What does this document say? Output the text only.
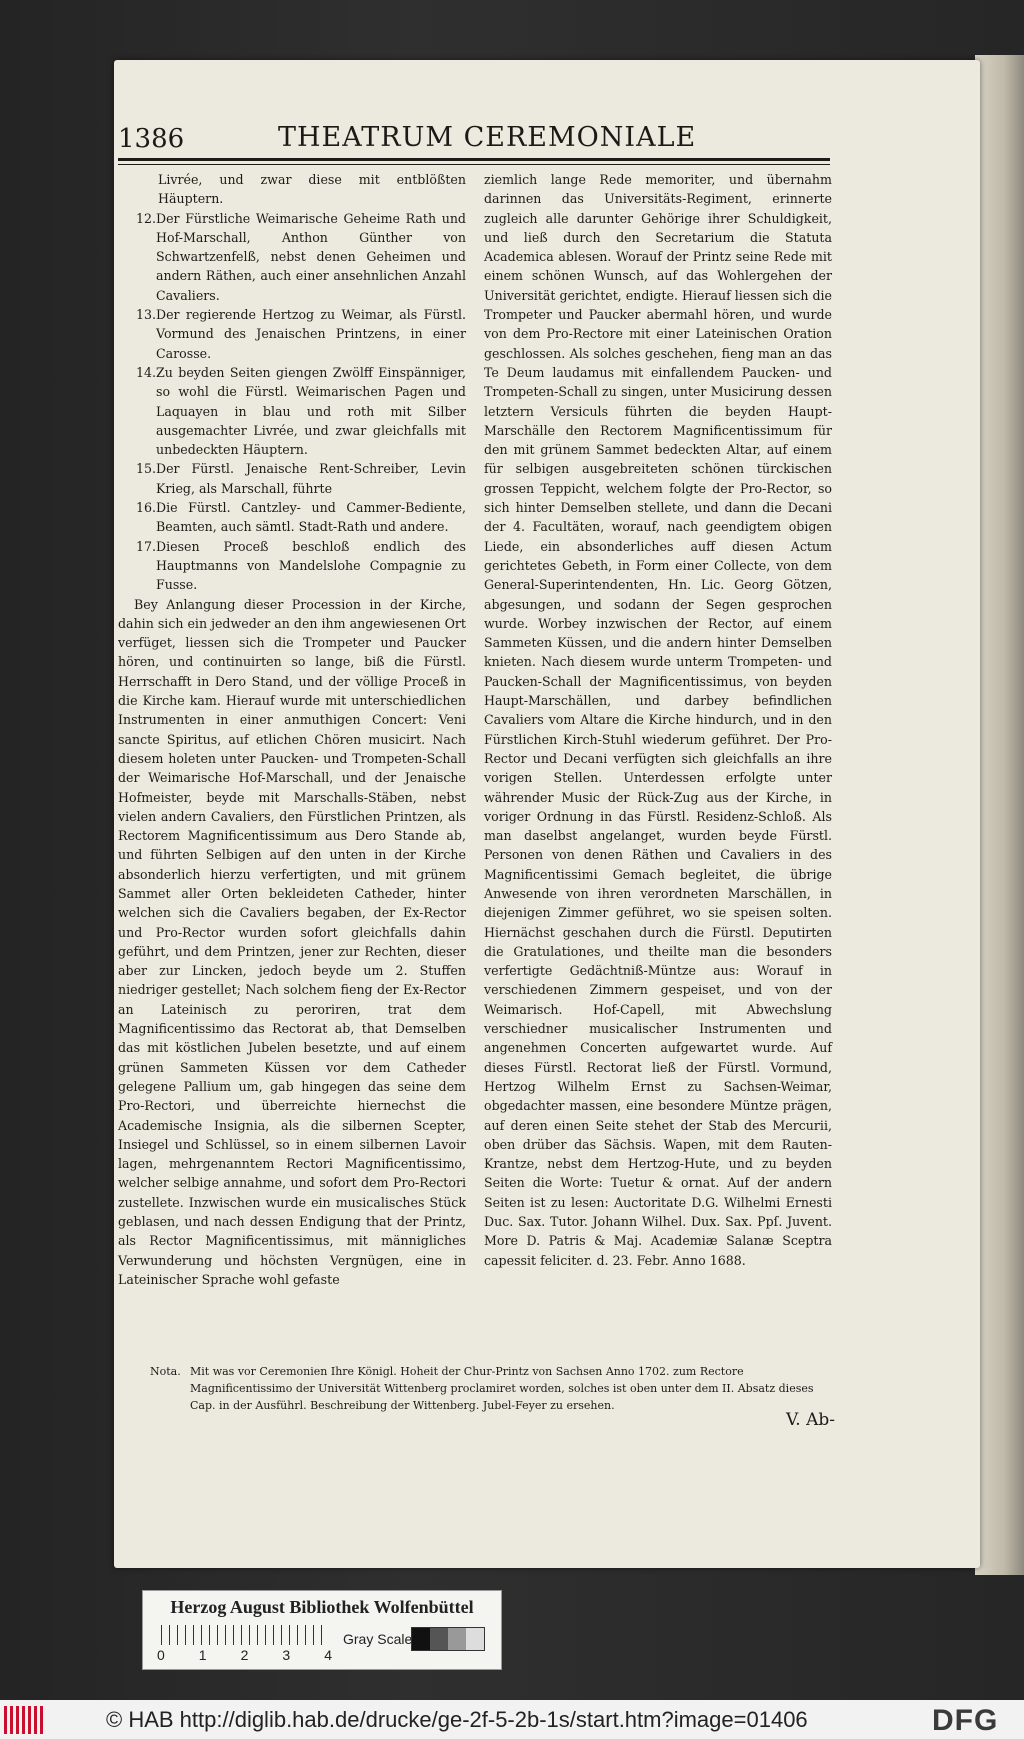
1386	THEATRUM CEREMONIALE
Livrée, und zwar diese mit entblößten Häuptern.
12. Der Fürstliche Weimarische Geheime Rath und Hof-Marschall, Anthon Günther von Schwartzenfelß, nebst denen Geheimen und andern Räthen, auch einer ansehnlichen Anzahl Cavaliers.
13. Der regierende Hertzog zu Weimar, als Fürstl. Vormund des Jenaischen Printzens, in einer Carosse.
14. Zu beyden Seiten giengen Zwölff Einspänniger, so wohl die Fürstl. Weimarischen Pagen und Laquayen in blau und roth mit Silber ausgemachter Livrée, und zwar gleichfalls mit unbedeckten Häuptern.
15. Der Fürstl. Jenaische Rent-Schreiber, Levin Krieg, als Marschall, führte
16. Die Fürstl. Cantzley- und Cammer-Bediente, Beamten, auch sämtl. Stadt-Rath und andere.
17. Diesen Proceß beschloß endlich des Hauptmanns von Mandelslohe Compagnie zu Fusse.

Bey Anlangung dieser Procession in der Kirche, dahin sich ein jedweder an den ihm angewiesenen Ort verfüget, liessen sich die Trompeter und Paucker hören, und continuirten so lange, biß die Fürstl. Herrschafft in Dero Stand, und der völlige Proceß in die Kirche kam. Hierauf wurde mit unterschiedlichen Instrumenten in einer anmuthigen Concert: Veni sancte Spiritus, auf etlichen Chören musicirt. Nach diesem holeten unter Paucken- und Trompeten-Schall der Weimarische Hof-Marschall, und der Jenaische Hofmeister, beyde mit Marschalls-Stäben, nebst vielen andern Cavaliers, den Fürstlichen Printzen, als Rectorem Magnificentissimum aus Dero Stande ab, und führten Selbigen auf den unten in der Kirche absonderlich hierzu verfertigten, und mit grünem Sammet aller Orten bekleideten Catheder, hinter welchen sich die Cavaliers begaben, der Ex-Rector und Pro-Rector wurden sofort gleichfalls dahin geführt, und dem Printzen, jener zur Rechten, dieser aber zur Lincken, jedoch beyde um 2. Stuffen niedriger gestellet; Nach solchem fieng der Ex-Rector an Lateinisch zu peroriren, trat dem Magnificentissimo das Rectorat ab, that Demselben das mit köstlichen Jubelen besetzte, und auf einem grünen Sammeten Küssen vor dem Catheder gelegene Pallium um, gab hingegen das seine dem Pro-Rectori, und überreichte hiernechst die Academische Insignia, als die silbernen Scepter, Insiegel und Schlüssel, so in einem silbernen Lavoir lagen, mehrgenanntem Rectori Magnificentissimo, welcher selbige annahme, und sofort dem Pro-Rectori zustellete. Inzwischen wurde ein musicalisches Stück geblasen, und nach dessen Endigung that der Printz, als Rector Magnificentissimus, mit männigliches Verwunderung und höchsten Vergnügen, eine in Lateinischer Sprache wohl gefaste

ziemlich lange Rede memoriter, und übernahm darinnen das Universitäts-Regiment, erinnerte zugleich alle darunter Gehörige ihrer Schuldigkeit, und ließ durch den Secretarium die Statuta Academica ablesen. Worauf der Printz seine Rede mit einem schönen Wunsch, auf das Wohlergehen der Universität gerichtet, endigte. Hierauf liessen sich die Trompeter und Paucker abermahl hören, und wurde von dem Pro-Rectore mit einer Lateinischen Oration geschlossen. Als solches geschehen, fieng man an das Te Deum laudamus mit einfallendem Paucken- und Trompeten-Schall zu singen, unter Musicirung dessen letztern Versiculs führten die beyden Haupt-Marschälle den Rectorem Magnificentissimum für den mit grünem Sammet bedeckten Altar, auf einem für selbigen ausgebreiteten schönen türckischen grossen Teppicht, welchem folgte der Pro-Rector, so sich hinter Demselben stellete, und dann die Decani der 4. Facultäten, worauf, nach geendigtem obigen Liede, ein absonderliches auff diesen Actum gerichtetes Gebeth, in Form einer Collecte, von dem General-Superintendenten, Hn. Lic. Georg Götzen, abgesungen, und sodann der Segen gesprochen wurde. Worbey inzwischen der Rector, auf einem Sammeten Küssen, und die andern hinter Demselben knieten. Nach diesem wurde unterm Trompeten- und Paucken-Schall der Magnificentissimus, von beyden Haupt-Marschällen, und darbey befindlichen Cavaliers vom Altare die Kirche hindurch, und in den Fürstlichen Kirch-Stuhl wiederum geführet. Der Pro-Rector und Decani verfügten sich gleichfalls an ihre vorigen Stellen. Unterdessen erfolgte unter währender Music der Rück-Zug aus der Kirche, in voriger Ordnung in das Fürstl. Residenz-Schloß. Als man daselbst angelanget, wurden beyde Fürstl. Personen von denen Räthen und Cavaliers in des Magnificentissimi Gemach begleitet, die übrige Anwesende von ihren verordneten Marschällen, in diejenigen Zimmer geführet, wo sie speisen solten. Hiernächst geschahen durch die Fürstl. Deputirten die Gratulationes, und theilte man die besonders verfertigte Gedächtniß-Müntze aus: Worauf in verschiedenen Zimmern gespeiset, und von der Weimarisch. Hof-Capell, mit Abwechslung verschiedner musicalischer Instrumenten und angenehmen Concerten aufgewartet wurde. Auf dieses Fürstl. Rectorat ließ der Fürstl. Vormund, Hertzog Wilhelm Ernst zu Sachsen-Weimar, obgedachter massen, eine besondere Müntze prägen, auf deren einen Seite stehet der Stab des Mercurii, oben drüber das Sächsis. Wapen, mit dem Rauten-Krantze, nebst dem Hertzog-Hute, und zu beyden Seiten die Worte: Tuetur & ornat. Auf der andern Seiten ist zu lesen: Auctoritate D.G. Wilhelmi Ernesti Duc. Sax. Tutor. Johann Wilhel. Dux. Sax. Ppſ. Juvent. More D. Patris & Maj. Academiæ Salanæ Sceptra capessit feliciter. d. 23. Febr. Anno 1688.

Nota. Mit was vor Ceremonien Ihre Königl. Hoheit der Chur-Printz von Sachsen Anno 1702. zum Rectore Magnificentissimo der Universität Wittenberg proclamiret worden, solches ist oben unter dem II. Absatz dieses Cap. in der Ausführl. Beschreibung der Wittenberg. Jubel-Feyer zu ersehen.
V. Ab-
Herzog August Bibliothek Wolfenbüttel
0 1 2 3 4
Gray Scale
© HAB http://diglib.hab.de/drucke/ge-2f-5-2b-1s/start.htm?image=01406	DFG
